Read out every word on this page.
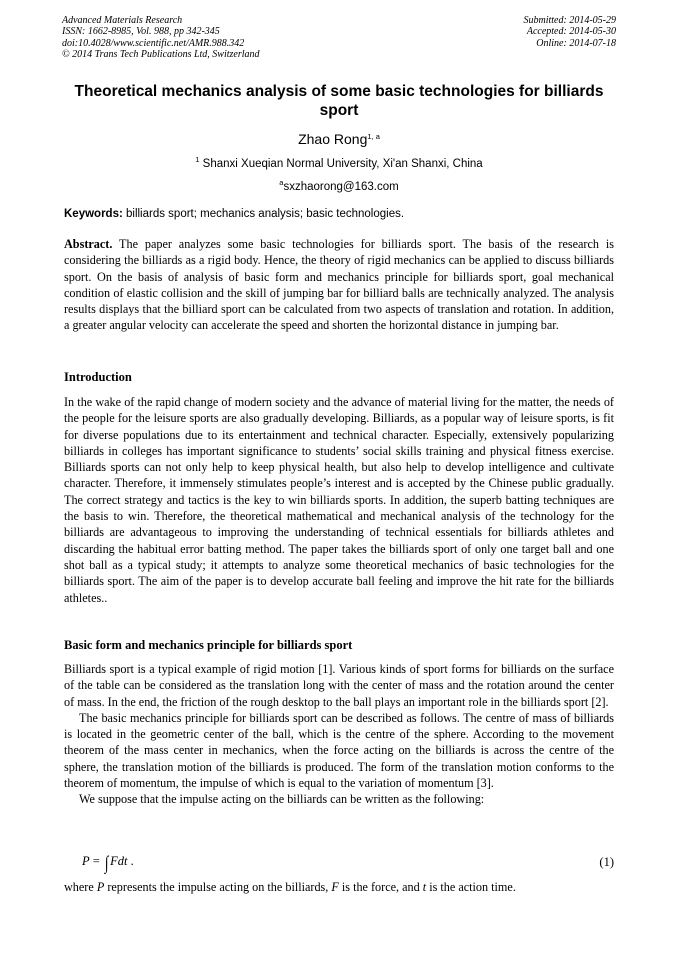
Advanced Materials Research
ISSN: 1662-8985, Vol. 988, pp 342-345
doi:10.4028/www.scientific.net/AMR.988.342
© 2014 Trans Tech Publications Ltd, Switzerland
Submitted: 2014-05-29
Accepted: 2014-05-30
Online: 2014-07-18
Theoretical mechanics analysis of some basic technologies for billiards sport
Zhao Rong$^{1, a}$
$^1$ Shanxi Xueqian Normal University, Xi'an Shanxi, China
$^a$sxzhaorong@163.com
Keywords: billiards sport; mechanics analysis; basic technologies.

Abstract. The paper analyzes some basic technologies for billiards sport. The basis of the research is considering the billiards as a rigid body. Hence, the theory of rigid mechanics can be applied to discuss billiards sport. On the basis of analysis of basic form and mechanics principle for billiards sport, goal mechanical condition of elastic collision and the skill of jumping bar for billiard balls are technically analyzed. The analysis results displays that the billiard sport can be calculated from two aspects of translation and rotation. In addition, a greater angular velocity can accelerate the speed and shorten the horizontal distance in jumping bar.

Introduction

In the wake of the rapid change of modern society and the advance of material living for the matter, the needs of the people for the leisure sports are also gradually developing. Billiards, as a popular way of leisure sports, is fit for diverse populations due to its entertainment and technical character. Especially, extensively popularizing billiards in colleges has important significance to students’ social skills training and physical fitness exercise. Billiards sports can not only help to keep physical health, but also help to develop intelligence and cultivate character. Therefore, it immensely stimulates people’s interest and is accepted by the Chinese public gradually. The correct strategy and tactics is the key to win billiards sports. In addition, the superb batting techniques are the basis to win. Therefore, the theoretical mathematical and mechanical analysis of the technology for the billiards are advantageous to improving the understanding of technical essentials for billiards athletes and discarding the habitual error batting method. The paper takes the billiards sport of only one target ball and one shot ball as a typical study; it attempts to analyze some theoretical mechanics of basic technologies for the billiards sport. The aim of the paper is to develop accurate ball feeling and improve the hit rate for the billiards athletes..

Basic form and mechanics principle for billiards sport

Billiards sport is a typical example of rigid motion [1]. Various kinds of sport forms for billiards on the surface of the table can be considered as the translation long with the center of mass and the rotation around the center of mass. In the end, the friction of the rough desktop to the ball plays an important role in the billiards sport [2].

The basic mechanics principle for billiards sport can be described as follows. The centre of mass of billiards is located in the geometric center of the ball, which is the centre of the sphere. According to the movement theorem of the mass center in mechanics, when the force acting on the billiards is across the centre of the sphere, the translation motion of the billiards is produced. The form of the translation motion conforms to the theorem of momentum, the impulse of which is equal to the variation of momentum [3].

We suppose that the impulse acting on the billiards can be written as the following:

P = ∫ Fdt .	(1)

where P represents the impulse acting on the billiards, F is the force, and t is the action time.
